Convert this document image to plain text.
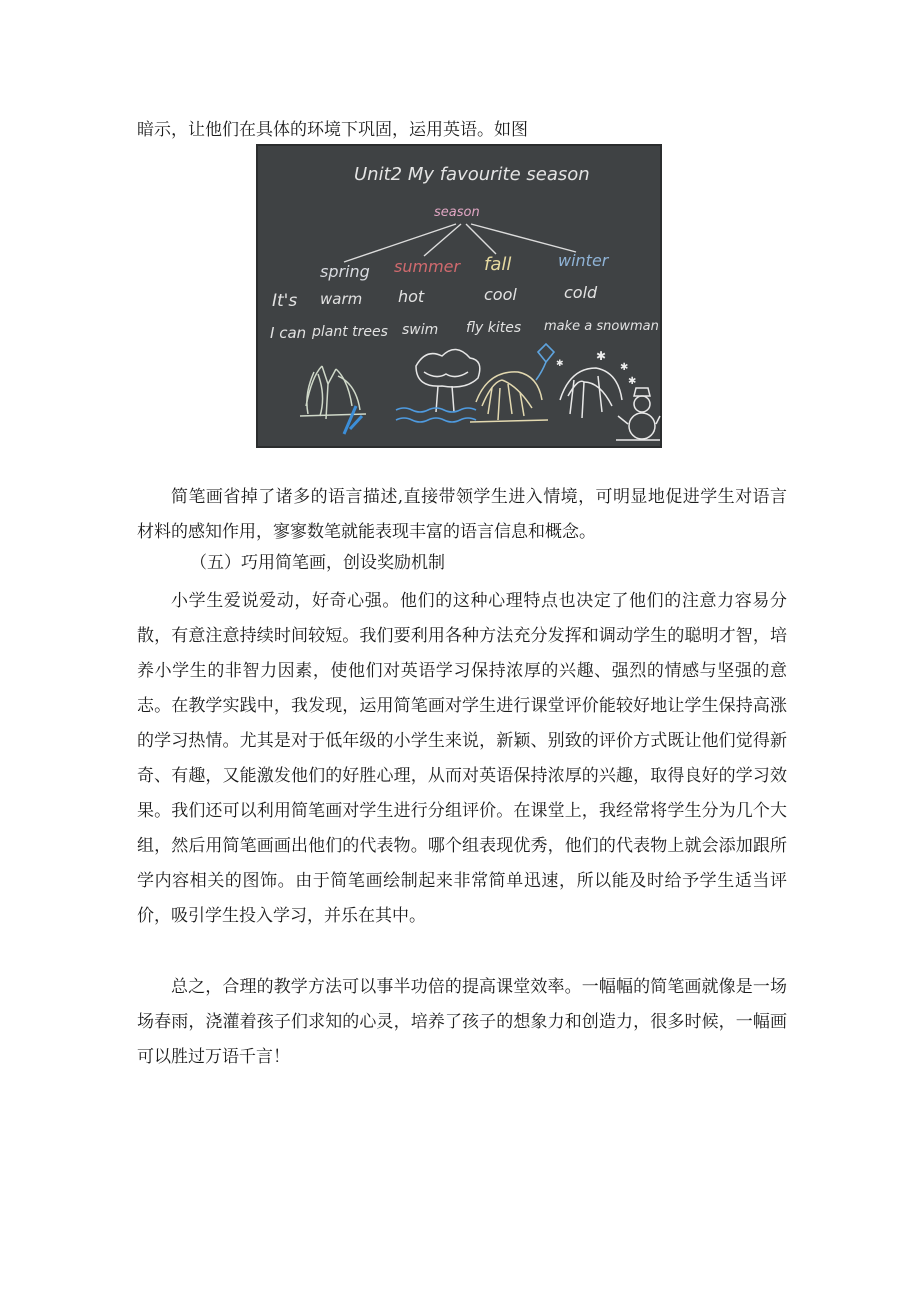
暗示，让他们在具体的环境下巩固，运用英语。如图
Unit2 My favourite season
season
spring summer fall	winter
It's warm hot	cool	cold
I can plant trees swim fly kites make a snowman
✱
✱
✱
✱

简笔画省掉了诸多的语言描述,直接带领学生进入情境，可明显地促进学生对语言材料的感知作用，寥寥数笔就能表现丰富的语言信息和概念。

（五）巧用简笔画，创设奖励机制

小学生爱说爱动，好奇心强。他们的这种心理特点也决定了他们的注意力容易分散，有意注意持续时间较短。我们要利用各种方法充分发挥和调动学生的聪明才智，培养小学生的非智力因素，使他们对英语学习保持浓厚的兴趣、强烈的情感与坚强的意志。在教学实践中，我发现，运用简笔画对学生进行课堂评价能较好地让学生保持高涨的学习热情。尤其是对于低年级的小学生来说，新颖、别致的评价方式既让他们觉得新奇、有趣，又能激发他们的好胜心理，从而对英语保持浓厚的兴趣，取得良好的学习效果。我们还可以利用简笔画对学生进行分组评价。在课堂上，我经常将学生分为几个大组，然后用简笔画画出他们的代表物。哪个组表现优秀，他们的代表物上就会添加跟所学内容相关的图饰。由于简笔画绘制起来非常简单迅速，所以能及时给予学生适当评价，吸引学生投入学习，并乐在其中。

总之，合理的教学方法可以事半功倍的提高课堂效率。一幅幅的简笔画就像是一场场春雨，浇灌着孩子们求知的心灵，培养了孩子的想象力和创造力，很多时候，一幅画可以胜过万语千言！
